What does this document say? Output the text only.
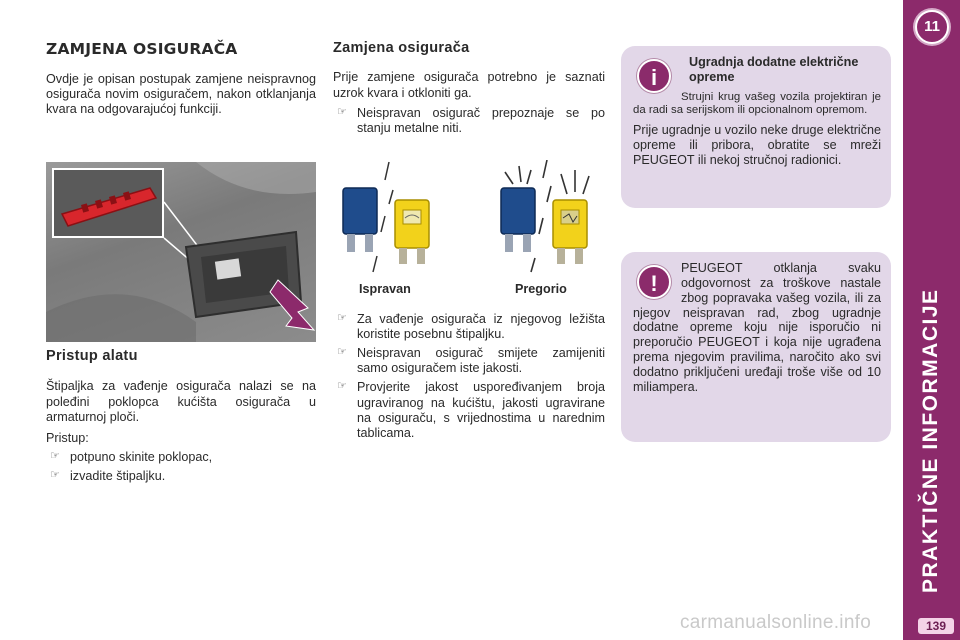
ZAMJENA OSIGURAČA

Ovdje je opisan postupak zamjene neispravnog osigurača novim osiguračem, nakon otklanjanja kvara na odgovarajućoj funkciji.

Pristup alatu

Štipaljka za vađenje osigurača nalazi se na poleđini poklopca kućišta osigurača u armaturnoj ploči.

Pristup:

☞ potpuno skinite poklopac,
☞ izvadite štipaljku.
Zamjena osigurača

Prije zamjene osigurača potrebno je saznati uzrok kvara i otkloniti ga.

☞ Neispravan osigurač prepoznaje se po stanju metalne niti.
Ispravan	Pregorio
☞ Za vađenje osigurača iz njegovog ležišta koristite posebnu štipaljku.
☞ Neispravan osigurač smijete zamijeniti samo osiguračem iste jakosti.
☞ Provjerite jakost uspoređivanjem broja ugraviranog na kućištu, jakosti ugravirane na osiguraču, s vrijednostima u narednim tablicama.
i
Ugradnja dodatne električne opreme

Strujni krug vašeg vozila projektiran je da radi sa serijskom ili opcionalnom opremom.

Prije ugradnje u vozilo neke druge električne opreme ili pribora, obratite se mreži PEUGEOT ili nekoj stručnoj radionici.

!

PEUGEOT otklanja svaku odgovornost za troškove nastale zbog popravaka vašeg vozila, ili za njegov neispravan rad, zbog ugradnje dodatne opreme koju nije isporučio ni preporučio PEUGEOT i koja nije ugrađena prema njegovim pravilima, naročito ako svi dodatno priključeni uređaji troše više od 10 miliampera.

11
PRAKTIČNE INFORMACIJE
139
carmanualsonline.info
